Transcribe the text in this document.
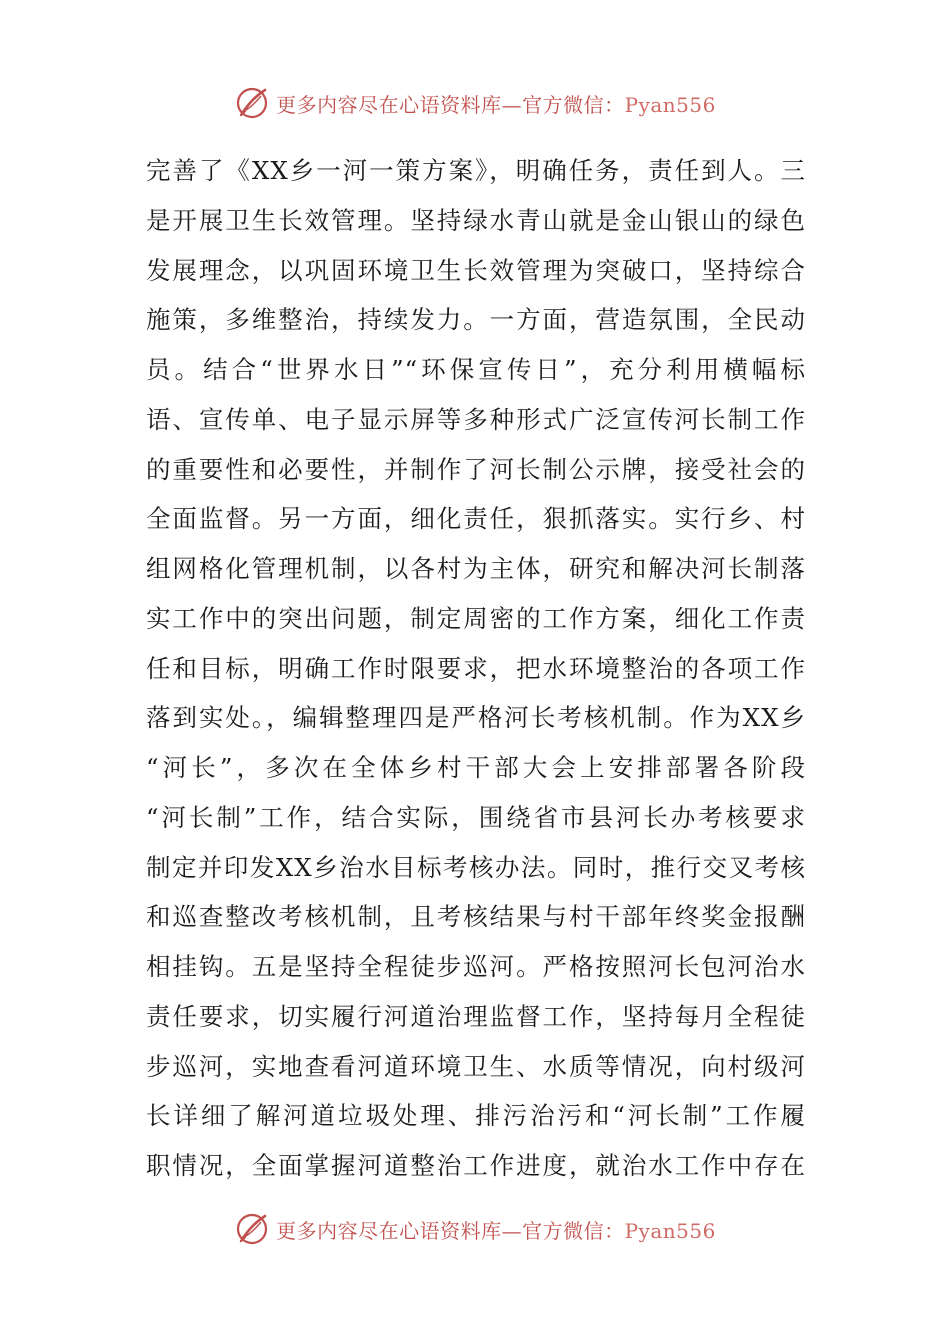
更多内容尽在心语资料库—官方微信：Pyan556
完善了《XX乡一河一策方案》，明确任务，责任到人。三
是开展卫生长效管理。坚持绿水青山就是金山银山的绿色
发展理念，以巩固环境卫生长效管理为突破口，坚持综合
施策，多维整治，持续发力。一方面，营造氛围，全民动
员。结合“世界水日”“环保宣传日”，充分利用横幅标
语、宣传单、电子显示屏等多种形式广泛宣传河长制工作
的重要性和必要性，并制作了河长制公示牌，接受社会的
全面监督。另一方面，细化责任，狠抓落实。实行乡、村
组网格化管理机制，以各村为主体，研究和解决河长制落
实工作中的突出问题，制定周密的工作方案，细化工作责
任和目标，明确工作时限要求，把水环境整治的各项工作
落到实处。，编辑整理四是严格河长考核机制。作为XX乡
“河长”，多次在全体乡村干部大会上安排部署各阶段
“河长制”工作，结合实际，围绕省市县河长办考核要求
制定并印发XX乡治水目标考核办法。同时，推行交叉考核
和巡查整改考核机制，且考核结果与村干部年终奖金报酬
相挂钩。五是坚持全程徒步巡河。严格按照河长包河治水
责任要求，切实履行河道治理监督工作，坚持每月全程徒
步巡河，实地查看河道环境卫生、水质等情况，向村级河
长详细了解河道垃圾处理、排污治污和“河长制”工作履
职情况，全面掌握河道整治工作进度，就治水工作中存在
更多内容尽在心语资料库—官方微信：Pyan556
